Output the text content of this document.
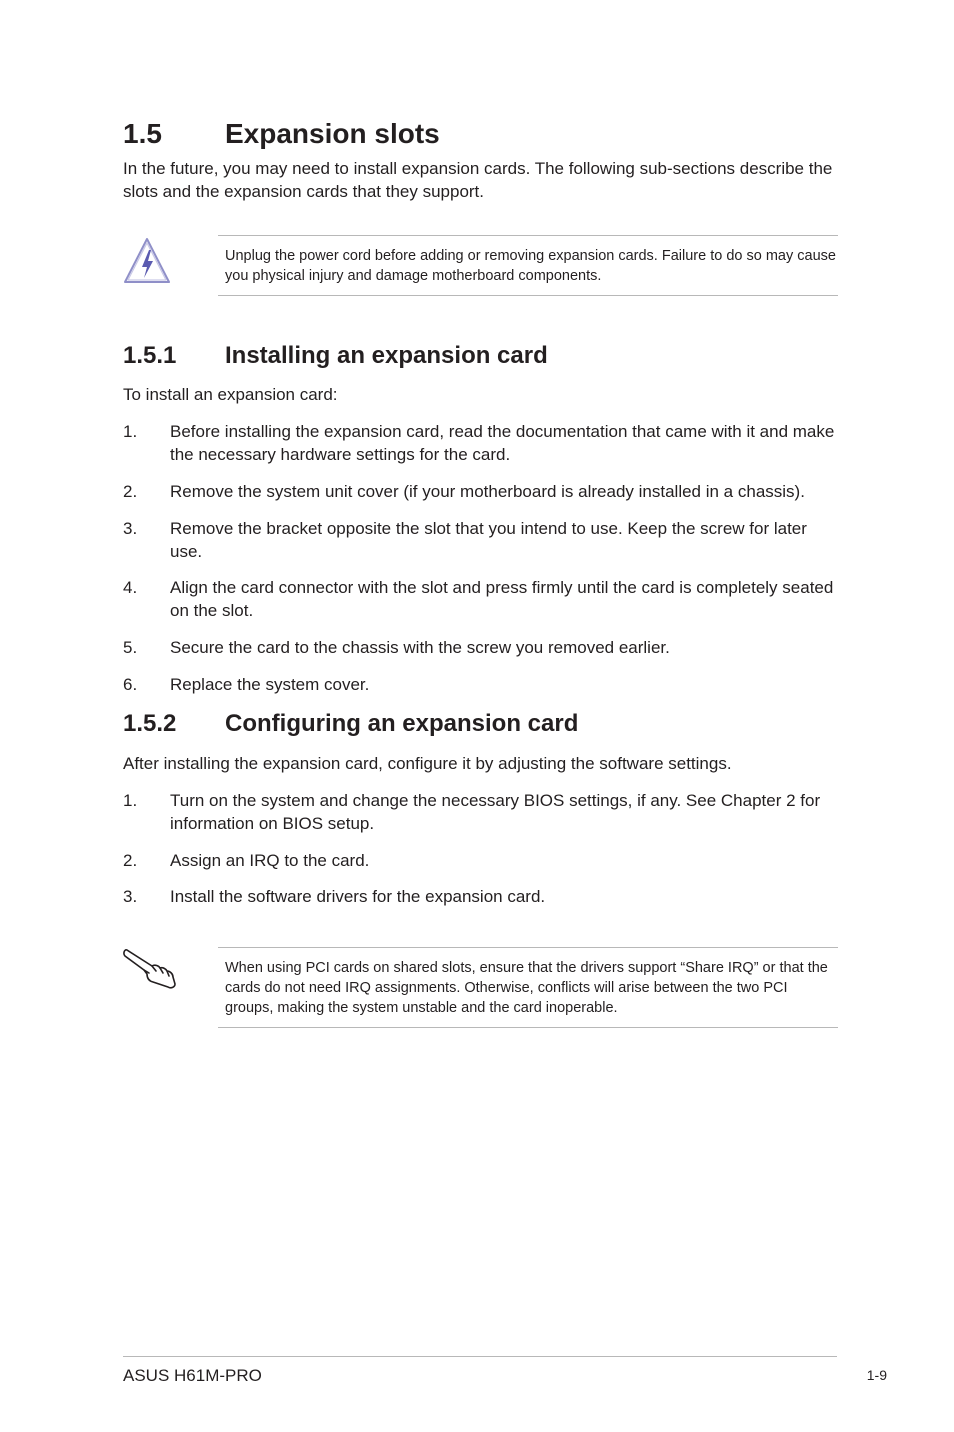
1.5 Expansion slots
In the future, you may need to install expansion cards. The following sub-sections describe the slots and the expansion cards that they support.
Unplug the power cord before adding or removing expansion cards. Failure to do so may cause you physical injury and damage motherboard components.
1.5.1 Installing an expansion card
To install an expansion card:
1.	Before installing the expansion card, read the documentation that came with it and make the necessary hardware settings for the card.
2.	Remove the system unit cover (if your motherboard is already installed in a chassis).
3.	Remove the bracket opposite the slot that you intend to use. Keep the screw for later use.
4.	Align the card connector with the slot and press firmly until the card is completely seated on the slot.
5.	Secure the card to the chassis with the screw you removed earlier.
6.	Replace the system cover.
1.5.2 Configuring an expansion card
After installing the expansion card, configure it by adjusting the software settings.
1.	Turn on the system and change the necessary BIOS settings, if any. See Chapter 2 for information on BIOS setup.
2.	Assign an IRQ to the card.
3.	Install the software drivers for the expansion card.
When using PCI cards on shared slots, ensure that the drivers support “Share IRQ” or that the cards do not need IRQ assignments. Otherwise, conflicts will arise between the two PCI groups, making the system unstable and the card inoperable.
ASUS H61M-PRO	1-9
